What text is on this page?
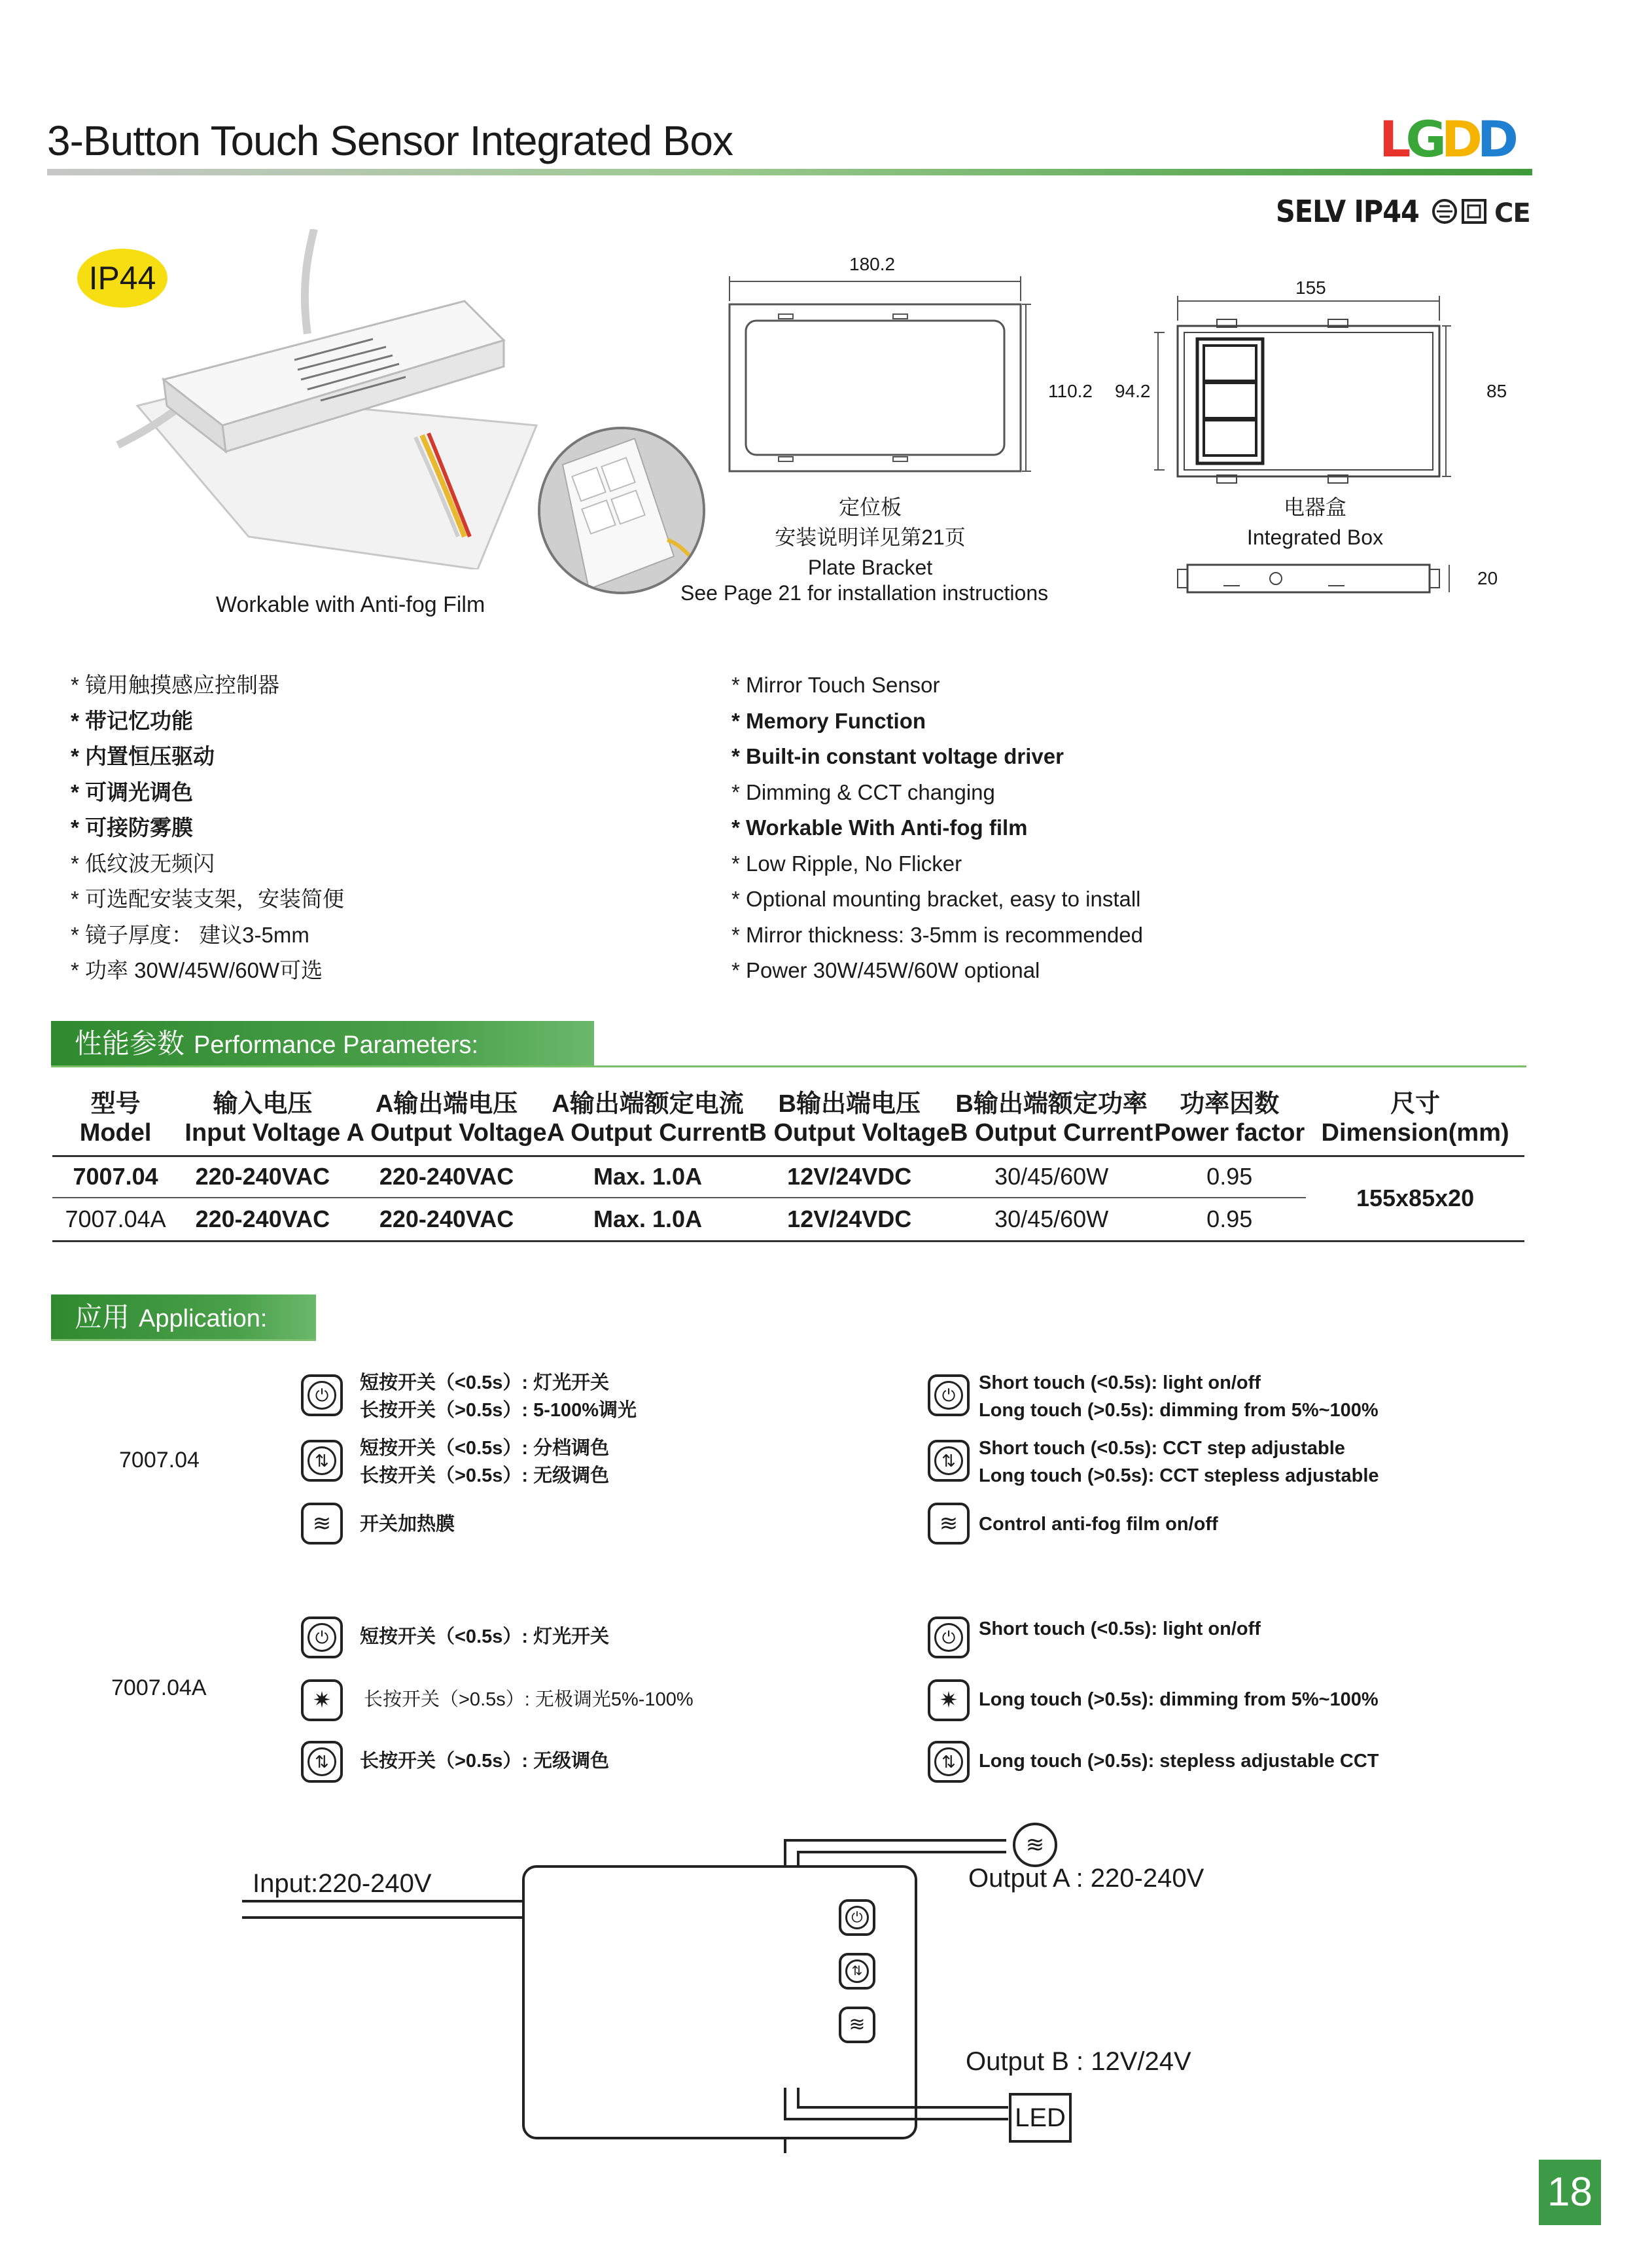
3-Button Touch Sensor Integrated Box	LGDD
SELV IP44	CE
IP44
Workable with Anti-fog Film
180.2
110.2
定位板
安装说明详见第21页
Plate Bracket
See Page 21 for installation instructions
155
94.2	85
20
电器盒
Integrated Box
* 镜用触摸感应控制器
* 带记忆功能
* 内置恒压驱动
* 可调光调色
* 可接防雾膜
* 低纹波无频闪
* 可选配安装支架，安装简便
* 镜子厚度： 建议3-5mm
* 功率 30W/45W/60W可选
* Mirror Touch Sensor
* Memory Function
* Built-in constant voltage driver
* Dimming & CCT changing
* Workable With Anti-fog film
* Low Ripple, No Flicker
* Optional mounting bracket, easy to install
* Mirror thickness: 3-5mm is recommended
* Power 30W/45W/60W optional
性能参数 Performance Parameters:
型号	输入电压	A输出端电压	A输出端额定电流	B输出端电压	B输出端额定功率	功率因数	尺寸
Model	Input Voltage	A Output Voltage	A Output Current	B Output Voltage	B Output Current	Power factor	Dimension(mm)
7007.04	220-240VAC	220-240VAC	Max. 1.0A	12V/24VDC	30/45/60W	0.95	155x85x20
7007.04A	220-240VAC	220-240VAC	Max. 1.0A	12V/24VDC	30/45/60W	0.95	
应用 Application:
7007.04
7007.04A
⏻	⏻
短按开关（<0.5s）: 灯光开关
长按开关（>0.5s）: 5-100%调光
Short touch (<0.5s): light on/off
Long touch (>0.5s): dimming from 5%~100%
⇅	⇅
短按开关（<0.5s）: 分档调色
长按开关（>0.5s）: 无级调色
Short touch (<0.5s): CCT step adjustable
Long touch (>0.5s): CCT stepless adjustable
≋	≋
开关加热膜	Control anti-fog film on/off
⏻	⏻
短按开关（<0.5s）: 灯光开关	Short touch (<0.5s): light on/off
✷	✷
长按开关（>0.5s）: 无极调光5%-100%	Long touch (>0.5s): dimming from 5%~100%
⇅	⇅
长按开关（>0.5s）: 无级调色	Long touch (>0.5s): stepless adjustable CCT
⏻
⇅
≋
≋
LED
Input:220-240V	Output A : 220-240V
Output B : 12V/24V
18
